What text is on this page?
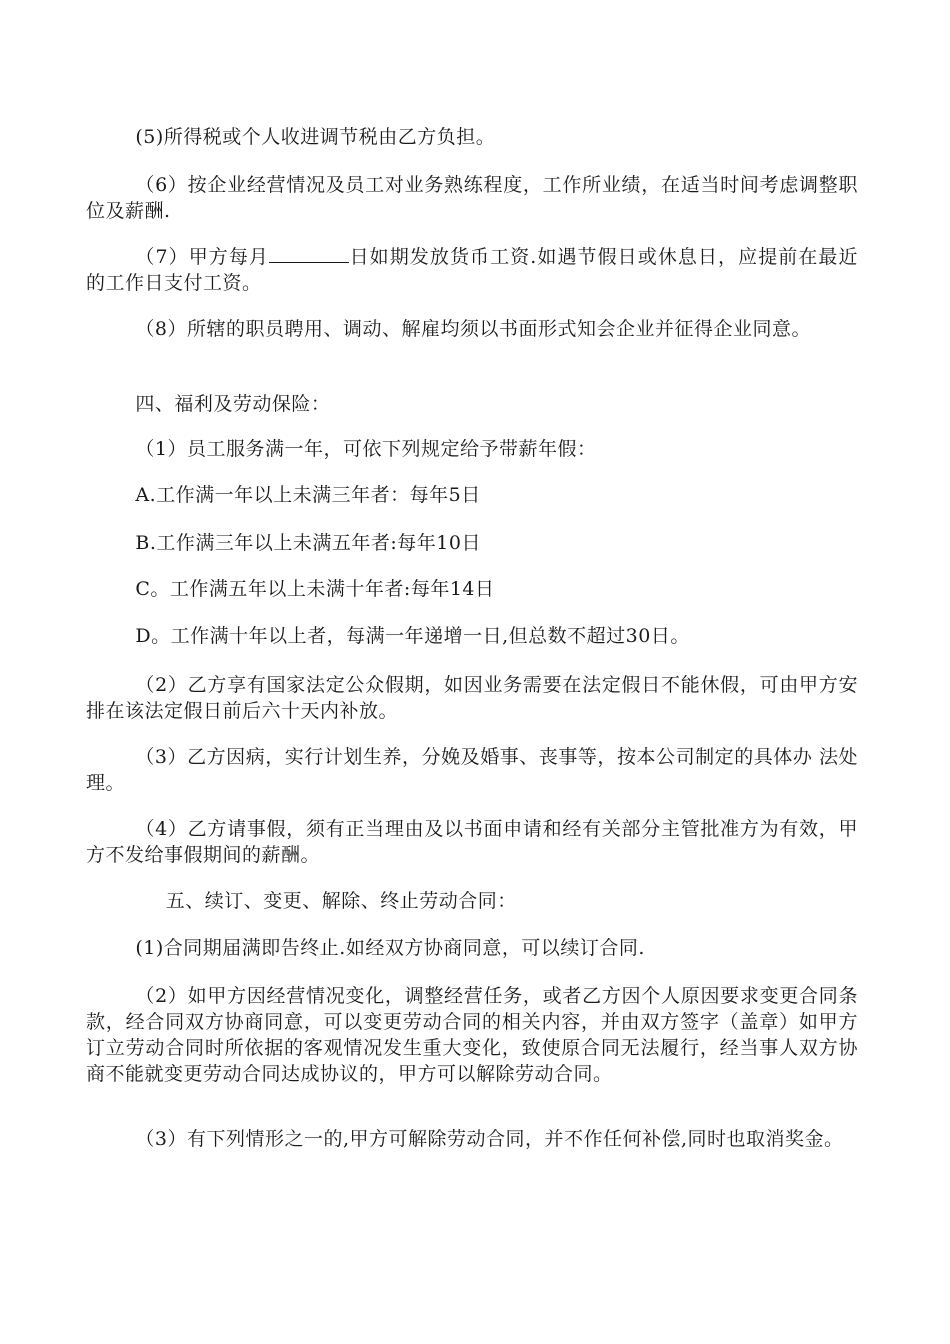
(5)所得税或个人收进调节税由乙方负担。

（6）按企业经营情况及员工对业务熟练程度，工作所业绩，在适当时间考虑调整职位及薪酬.

（7）甲方每月	日如期发放货币工资.如遇节假日或休息日，应提前在最近的工作日支付工资。

（8）所辖的职员聘用、调动、解雇均须以书面形式知会企业并征得企业同意。

四、福利及劳动保险：

（1）员工服务满一年，可依下列规定给予带薪年假：

A.工作满一年以上未满三年者：每年5日

B.工作满三年以上未满五年者:每年10日

C。工作满五年以上未满十年者:每年14日

D。工作满十年以上者，每满一年递增一日,但总数不超过30日。

（2）乙方享有国家法定公众假期，如因业务需要在法定假日不能休假，可由甲方安排在该法定假日前后六十天内补放。

（3）乙方因病，实行计划生养，分娩及婚事、丧事等，按本公司制定的具体办 法处理。

（4）乙方请事假，须有正当理由及以书面申请和经有关部分主管批准方为有效，甲方不发给事假期间的薪酬。

五、续订、变更、解除、终止劳动合同：

(1)合同期届满即告终止.如经双方协商同意，可以续订合同.

（2）如甲方因经营情况变化，调整经营任务，或者乙方因个人原因要求变更合同条款，经合同双方协商同意，可以变更劳动合同的相关内容，并由双方签字（盖章）如甲方订立劳动合同时所依据的客观情况发生重大变化，致使原合同无法履行，经当事人双方协商不能就变更劳动合同达成协议的，甲方可以解除劳动合同。

（3）有下列情形之一的,甲方可解除劳动合同，并不作任何补偿,同时也取消奖金。
